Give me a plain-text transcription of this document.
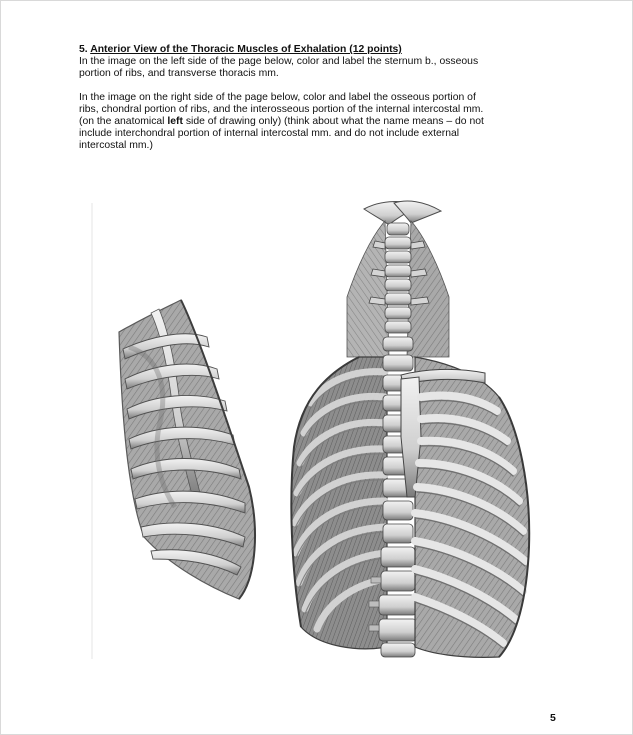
5. Anterior View of the Thoracic Muscles of Exhalation (12 points)
In the image on the left side of the page below, color and label the sternum b., osseous
portion of ribs, and transverse thoracis mm.
In the image on the right side of the page below, color and label the osseous portion of
ribs, chondral portion of ribs, and the interosseous portion of the internal intercostal mm.
(on the anatomical left side of drawing only) (think about what the name means – do not
include interchondral portion of internal intercostal mm. and do not include external
intercostal mm.)
5
